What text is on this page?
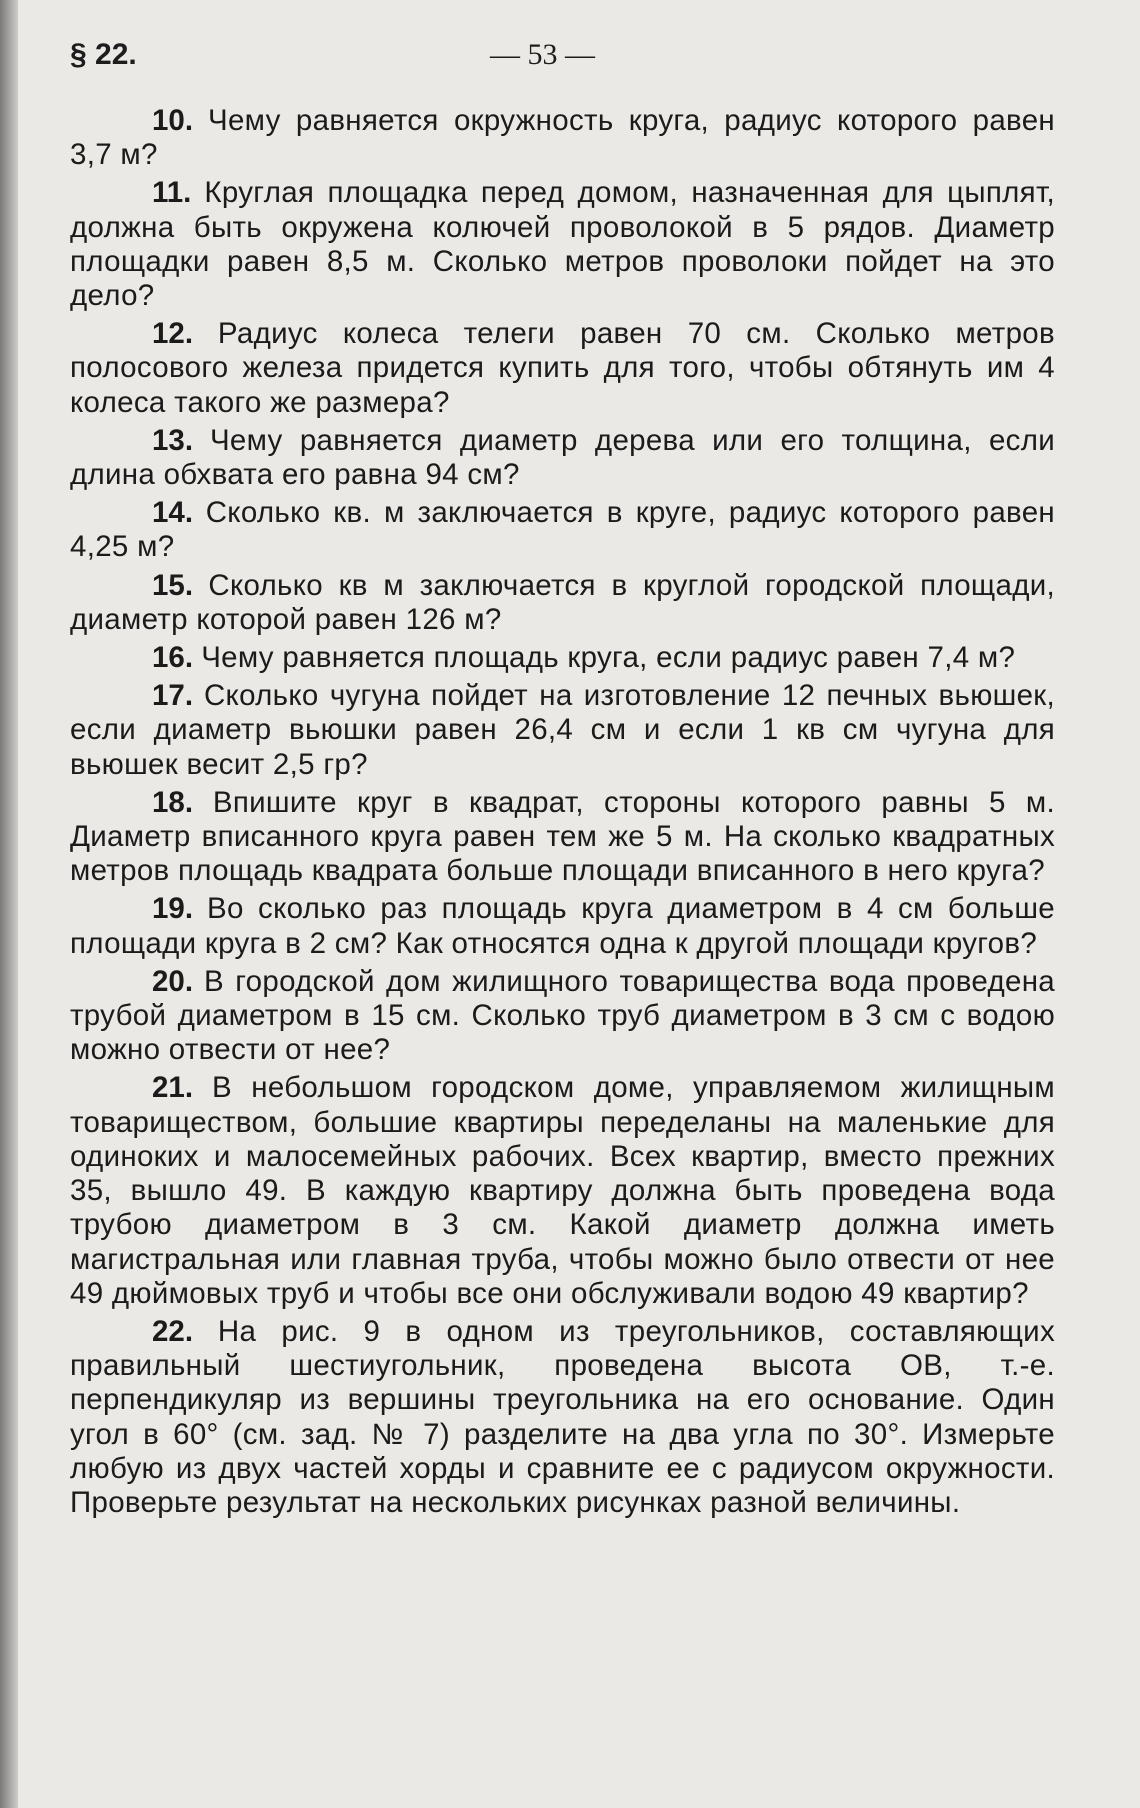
§ 22.	— 53 —

10. Чему равняется окружность круга, радиус которого равен 3,7 м?

11. Круглая площадка перед домом, назначенная для цыплят, должна быть окружена колючей проволокой в 5 рядов. Диаметр площадки равен 8,5 м. Сколько метров проволоки пойдет на это дело?

12. Радиус колеса телеги равен 70 см. Сколько метров полосового железа придется купить для того, чтобы обтянуть им 4 колеса такого же размера?

13. Чему равняется диаметр дерева или его толщина, если длина обхвата его равна 94 см?

14. Сколько кв. м заключается в круге, радиус которого равен 4,25 м?

15. Сколько кв м заключается в круглой городской площади, диаметр которой равен 126 м?

16. Чему равняется площадь круга, если радиус равен 7,4 м?

17. Сколько чугуна пойдет на изготовление 12 печных вьюшек, если диаметр вьюшки равен 26,4 см и если 1 кв см чугуна для вьюшек весит 2,5 гр?

18. Впишите круг в квадрат, стороны которого равны 5 м. Диаметр вписанного круга равен тем же 5 м. На сколько квадратных метров площадь квадрата больше площади вписанного в него круга?

19. Во сколько раз площадь круга диаметром в 4 см больше площади круга в 2 см? Как относятся одна к другой площади кругов?

20. В городской дом жилищного товарищества вода проведена трубой диаметром в 15 см. Сколько труб диаметром в 3 см с водою можно отвести от нее?

21. В небольшом городском доме, управляемом жилищным товариществом, большие квартиры переделаны на маленькие для одиноких и малосемейных рабочих. Всех квартир, вместо прежних 35, вышло 49. В каждую квартиру должна быть проведена вода трубою диаметром в 3 см. Какой диаметр должна иметь магистральная или главная труба, чтобы можно было отвести от нее 49 дюймовых труб и чтобы все они обслуживали водою 49 квартир?

22. На рис. 9 в одном из треугольников, составляющих правильный шестиугольник, проведена высота OB, т.-е. перпендикуляр из вершины треугольника на его основание. Один угол в 60° (см. зад. № 7) разделите на два угла по 30°. Измерьте любую из двух частей хорды и сравните ее с радиусом окружности. Проверьте результат на нескольких рисунках разной величины.
